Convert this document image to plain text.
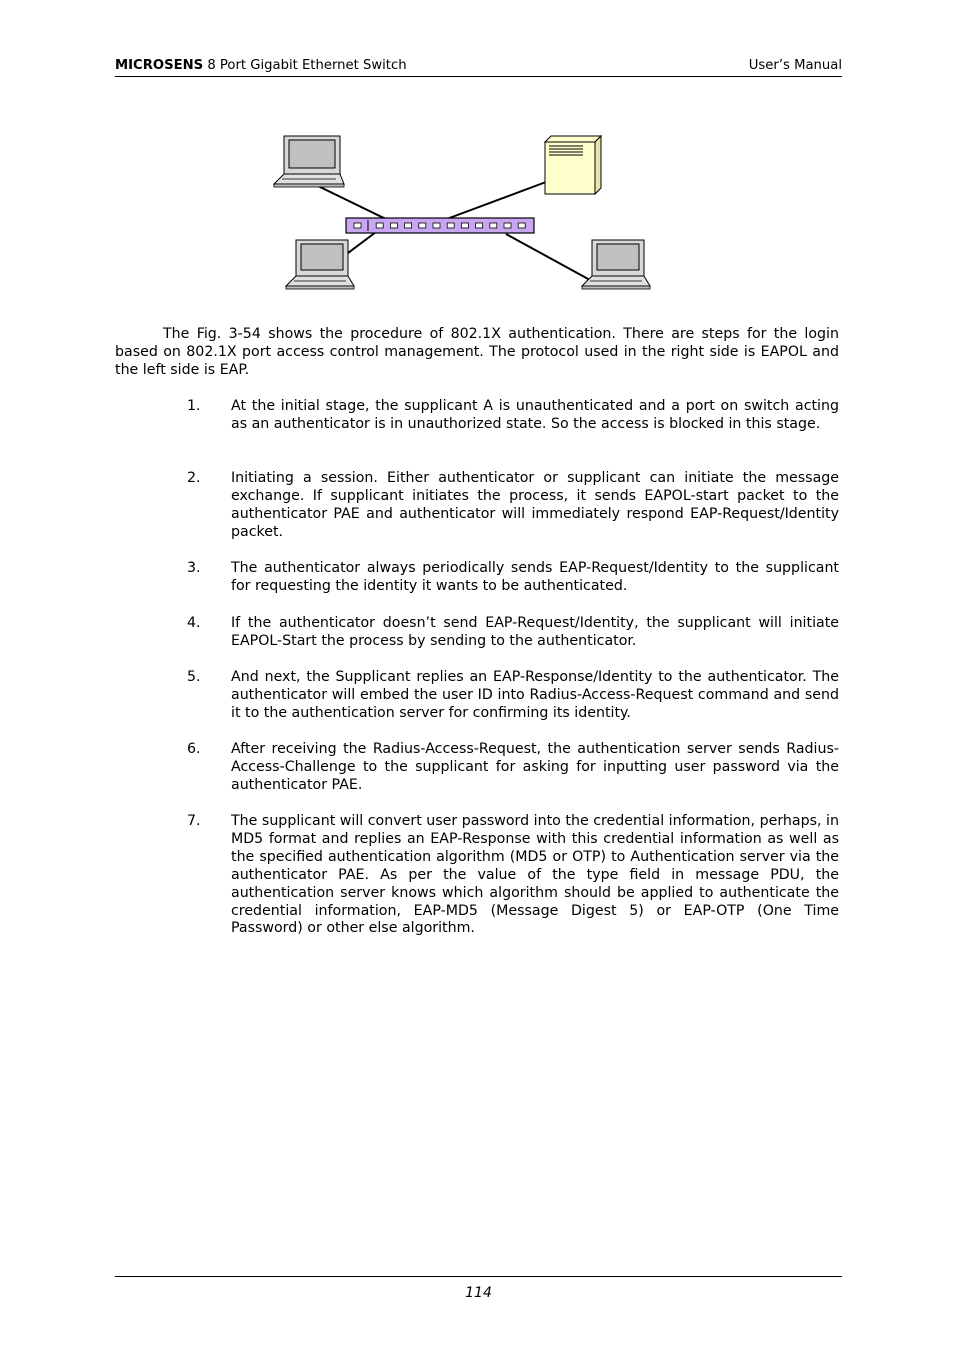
MICROSENS 8 Port Gigabit Ethernet Switch	User’s Manual

The Fig. 3-54 shows the procedure of 802.1X authentication. There are steps for the login based on 802.1X port access control management. The protocol used in the right side is EAPOL and the left side is EAP.

1.	At the initial stage, the supplicant A is unauthenticated and a port on switch acting as an authenticator is in unauthorized state. So the access is blocked in this stage.
2.	Initiating a session. Either authenticator or supplicant can initiate the message exchange. If supplicant initiates the process, it sends EAPOL-start packet to the authenticator PAE and authenticator will immediately respond EAP-Request/Identity packet.
3.	The authenticator always periodically sends EAP-Request/Identity to the supplicant for requesting the identity it wants to be authenticated.
4.	If the authenticator doesn’t send EAP-Request/Identity, the supplicant will initiate EAPOL-Start the process by sending to the authenticator.
5.	And next, the Supplicant replies an EAP-Response/Identity to the authenticator. The authenticator will embed the user ID into Radius-Access-Request command and send it to the authentication server for confirming its identity.
6.	After receiving the Radius-Access-Request, the authentication server sends Radius-Access-Challenge to the supplicant for asking for inputting user password via the authenticator PAE.
7.	The supplicant will convert user password into the credential information, perhaps, in MD5 format and replies an EAP-Response with this credential information as well as the specified authentication algorithm (MD5 or OTP) to Authentication server via the authenticator PAE. As per the value of the type field in message PDU, the authentication server knows which algorithm should be applied to authenticate the credential information, EAP-MD5 (Message Digest 5) or EAP-OTP (One Time Password) or other else algorithm.
114
